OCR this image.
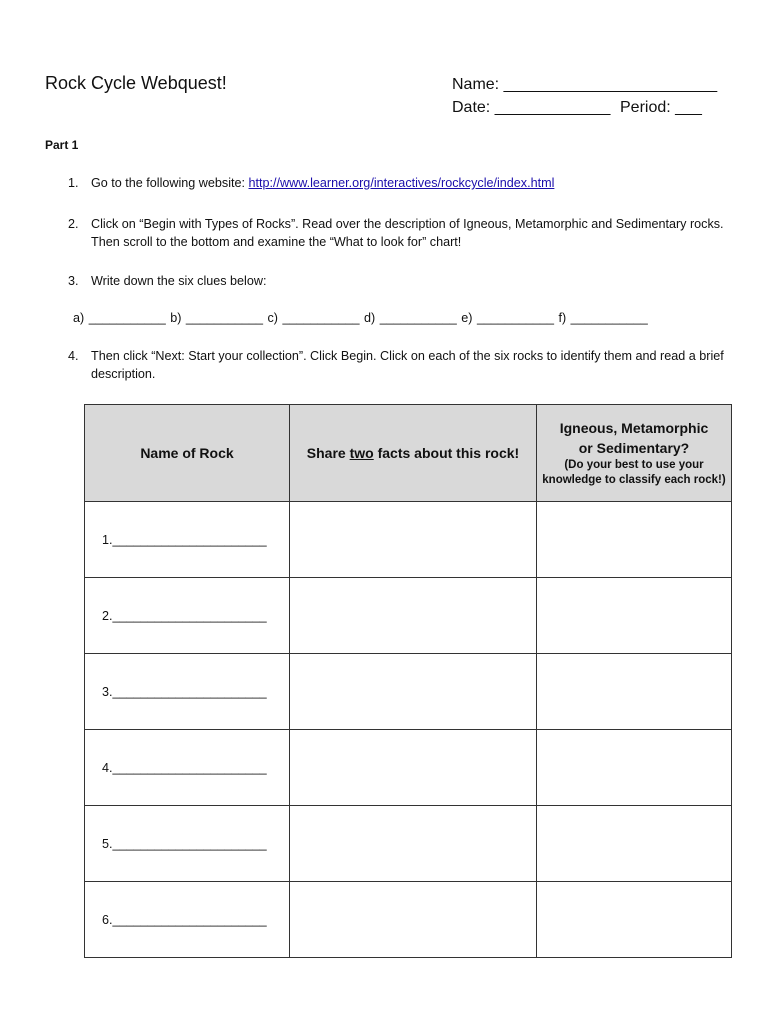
Rock Cycle Webquest!	Name: ________________________
Date: _____________ Period: ___
Part 1
1. Go to the following website: http://www.learner.org/interactives/rockcycle/index.html
2. Click on “Begin with Types of Rocks”. Read over the description of Igneous, Metamorphic and Sedimentary rocks. Then scroll to the bottom and examine the “What to look for” chart!
3. Write down the six clues below:
a) ___________ b) ___________ c) ___________ d) ___________ e) ___________ f) ___________
4. Then click “Next: Start your collection”. Click Begin. Click on each of the six rocks to identify them and read a brief description.
Name of Rock	Share two facts about this rock!	Igneous, Metamorphic
or Sedimentary?
(Do your best to use your knowledge to classify each rock!)

1.______________________		
2.______________________		
3.______________________		
4.______________________		
5.______________________		
6.______________________		
